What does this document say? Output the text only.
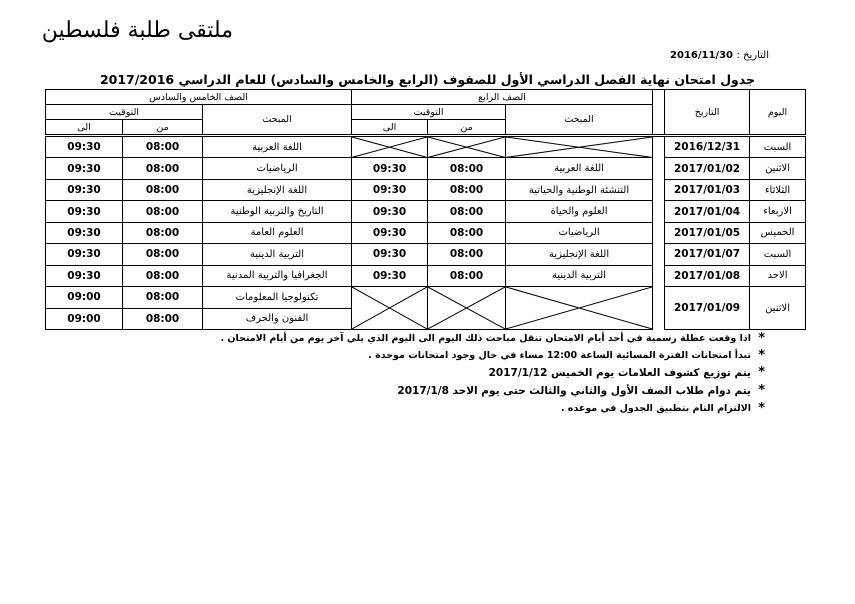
ملتقى طلبة فلسطين
التاريخ : 2016/11/30
جدول امتحان نهاية الفصل الدراسي الأول للصفوف (الرابع والخامس والسادس) للعام الدراسي 2017/2016
اليوم	التاريخ		الصف الرابع			الصف الخامس والسادس		
			المبحث	التوقيت		المبحث	التوقيت	
				من	الى		من	الى

السبت	2016/12/31					اللغة العربية	08:00	09:30
الاثنين	2017/01/02		اللغة العربية	08:00	09:30	الرياضيات	08:00	09:30
الثلاثاء	2017/01/03		التنشئة الوطنية والحياتية	08:00	09:30	اللغة الإنجليزية	08:00	09:30
الاربعاء	2017/01/04		العلوم والحياة	08:00	09:30	التاريخ والتربية الوطنية	08:00	09:30
الخميس	2017/01/05		الرياضيات	08:00	09:30	العلوم العامة	08:00	09:30
السبت	2017/01/07		اللغة الإنجليزية	08:00	09:30	التربية الدينية	08:00	09:30
الاحد	2017/01/08		التربية الدينية	08:00	09:30	الجغرافيا والتربية المدنية	08:00	09:30
الاثنين	2017/01/09					تكنولوجيا المعلومات	08:00	09:00
						الفنون والحرف	08:00	09:00
*
اذا وقعت عطلة رسمية في أحد أيام الامتحان تنقل مباحث ذلك اليوم الى اليوم الذي يلي آخر يوم من أيام الامتحان .
*
تبدأ امتحانات الفترة المسائية الساعة 12:00 مساء في حال وجود امتحانات موحدة .
*
يتم توزيع كشوف العلامات يوم الخميس 2017/1/12
*
يتم دوام طلاب الصف الأول والثاني والثالث حتى يوم الاحد 2017/1/8
*
الالتزام التام بتطبيق الجدول في موعده .
